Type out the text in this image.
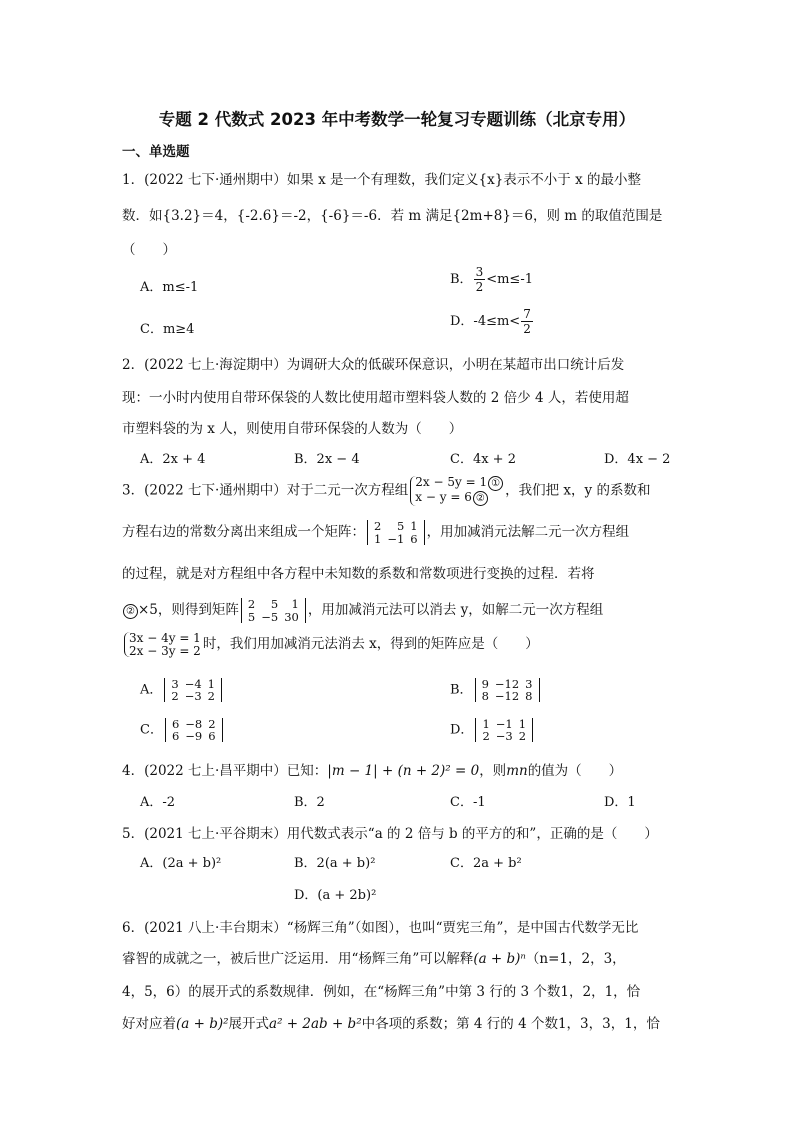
专题 2 代数式 2023 年中考数学一轮复习专题训练（北京专用）
一、单选题
1．(2022 七下·通州期中）如果 x 是一个有理数，我们定义{x}表示不小于 x 的最小整
数．如{3.2}＝4，{-2.6}＝-2，{-6}＝-6．若 m 满足{2m+8}＝6，则 m 的取值范围是
（　　）
A．m≤-1
B． $\frac{3}{2} <m\le-1$
C．m≥4
D．$-4\le m< \frac{7}{2}$
2．(2022 七上·海淀期中）为调研大众的低碳环保意识，小明在某超市出口统计后发
现：一小时内使用自带环保袋的人数比使用超市塑料袋人数的 2 倍少 4 人，若使用超
市塑料袋的为 x 人，则使用自带环保袋的人数为（　　）
A．2x + 4	B．2x − 4	C．4x + 2	D．4x − 2
3．(2022 七下·通州期中）对于二元一次方程组2x − 5y = 1 ①
x − y = 6 ② ，我们把 x，y 的系数和
方程右边的常数分离出来组成一个矩阵： 2	5	1
1	−1	6 ，用加减消元法解二元一次方程组
的过程，就是对方程组中各方程中未知数的系数和常数项进行变换的过程．若将
② ×5，则得到矩阵 2	5	1
5	−5	30 ，用加减消元法可以消去 y，如解二元一次方程组
3x − 4y = 1
2x − 3y = 2 时，我们用加减消元法消去 x，得到的矩阵应是（　　）
A． 3	−4	1
2	−3	2	B． 9	−12	3
8	−12	8
C． 6	−8	2
6	−9	6	D． 1	−1	1
2	−3	2
4．(2022 七上·昌平期中）已知：|m − 1| + (n + 2)² = 0，则mn的值为（　　）
A．-2	B．2	C．-1	D．1
5．(2021 七上·平谷期末）用代数式表示“a 的 2 倍与 b 的平方的和”，正确的是（　　）
A．(2a + b)²	B．2(a + b)²	C．2a + b²
D．(a + 2b)²
6．(2021 八上·丰台期末）“杨辉三角”（如图），也叫“贾宪三角”，是中国古代数学无比
睿智的成就之一，被后世广泛运用．用“杨辉三角”可以解释(a + b)ⁿ（n=1，2，3，
4，5，6）的展开式的系数规律．例如，在“杨辉三角”中第 3 行的 3 个数1，2，1，恰
好对应着(a + b)²展开式a² + 2ab + b²中各项的系数；第 4 行的 4 个数1，3，3，1，恰
